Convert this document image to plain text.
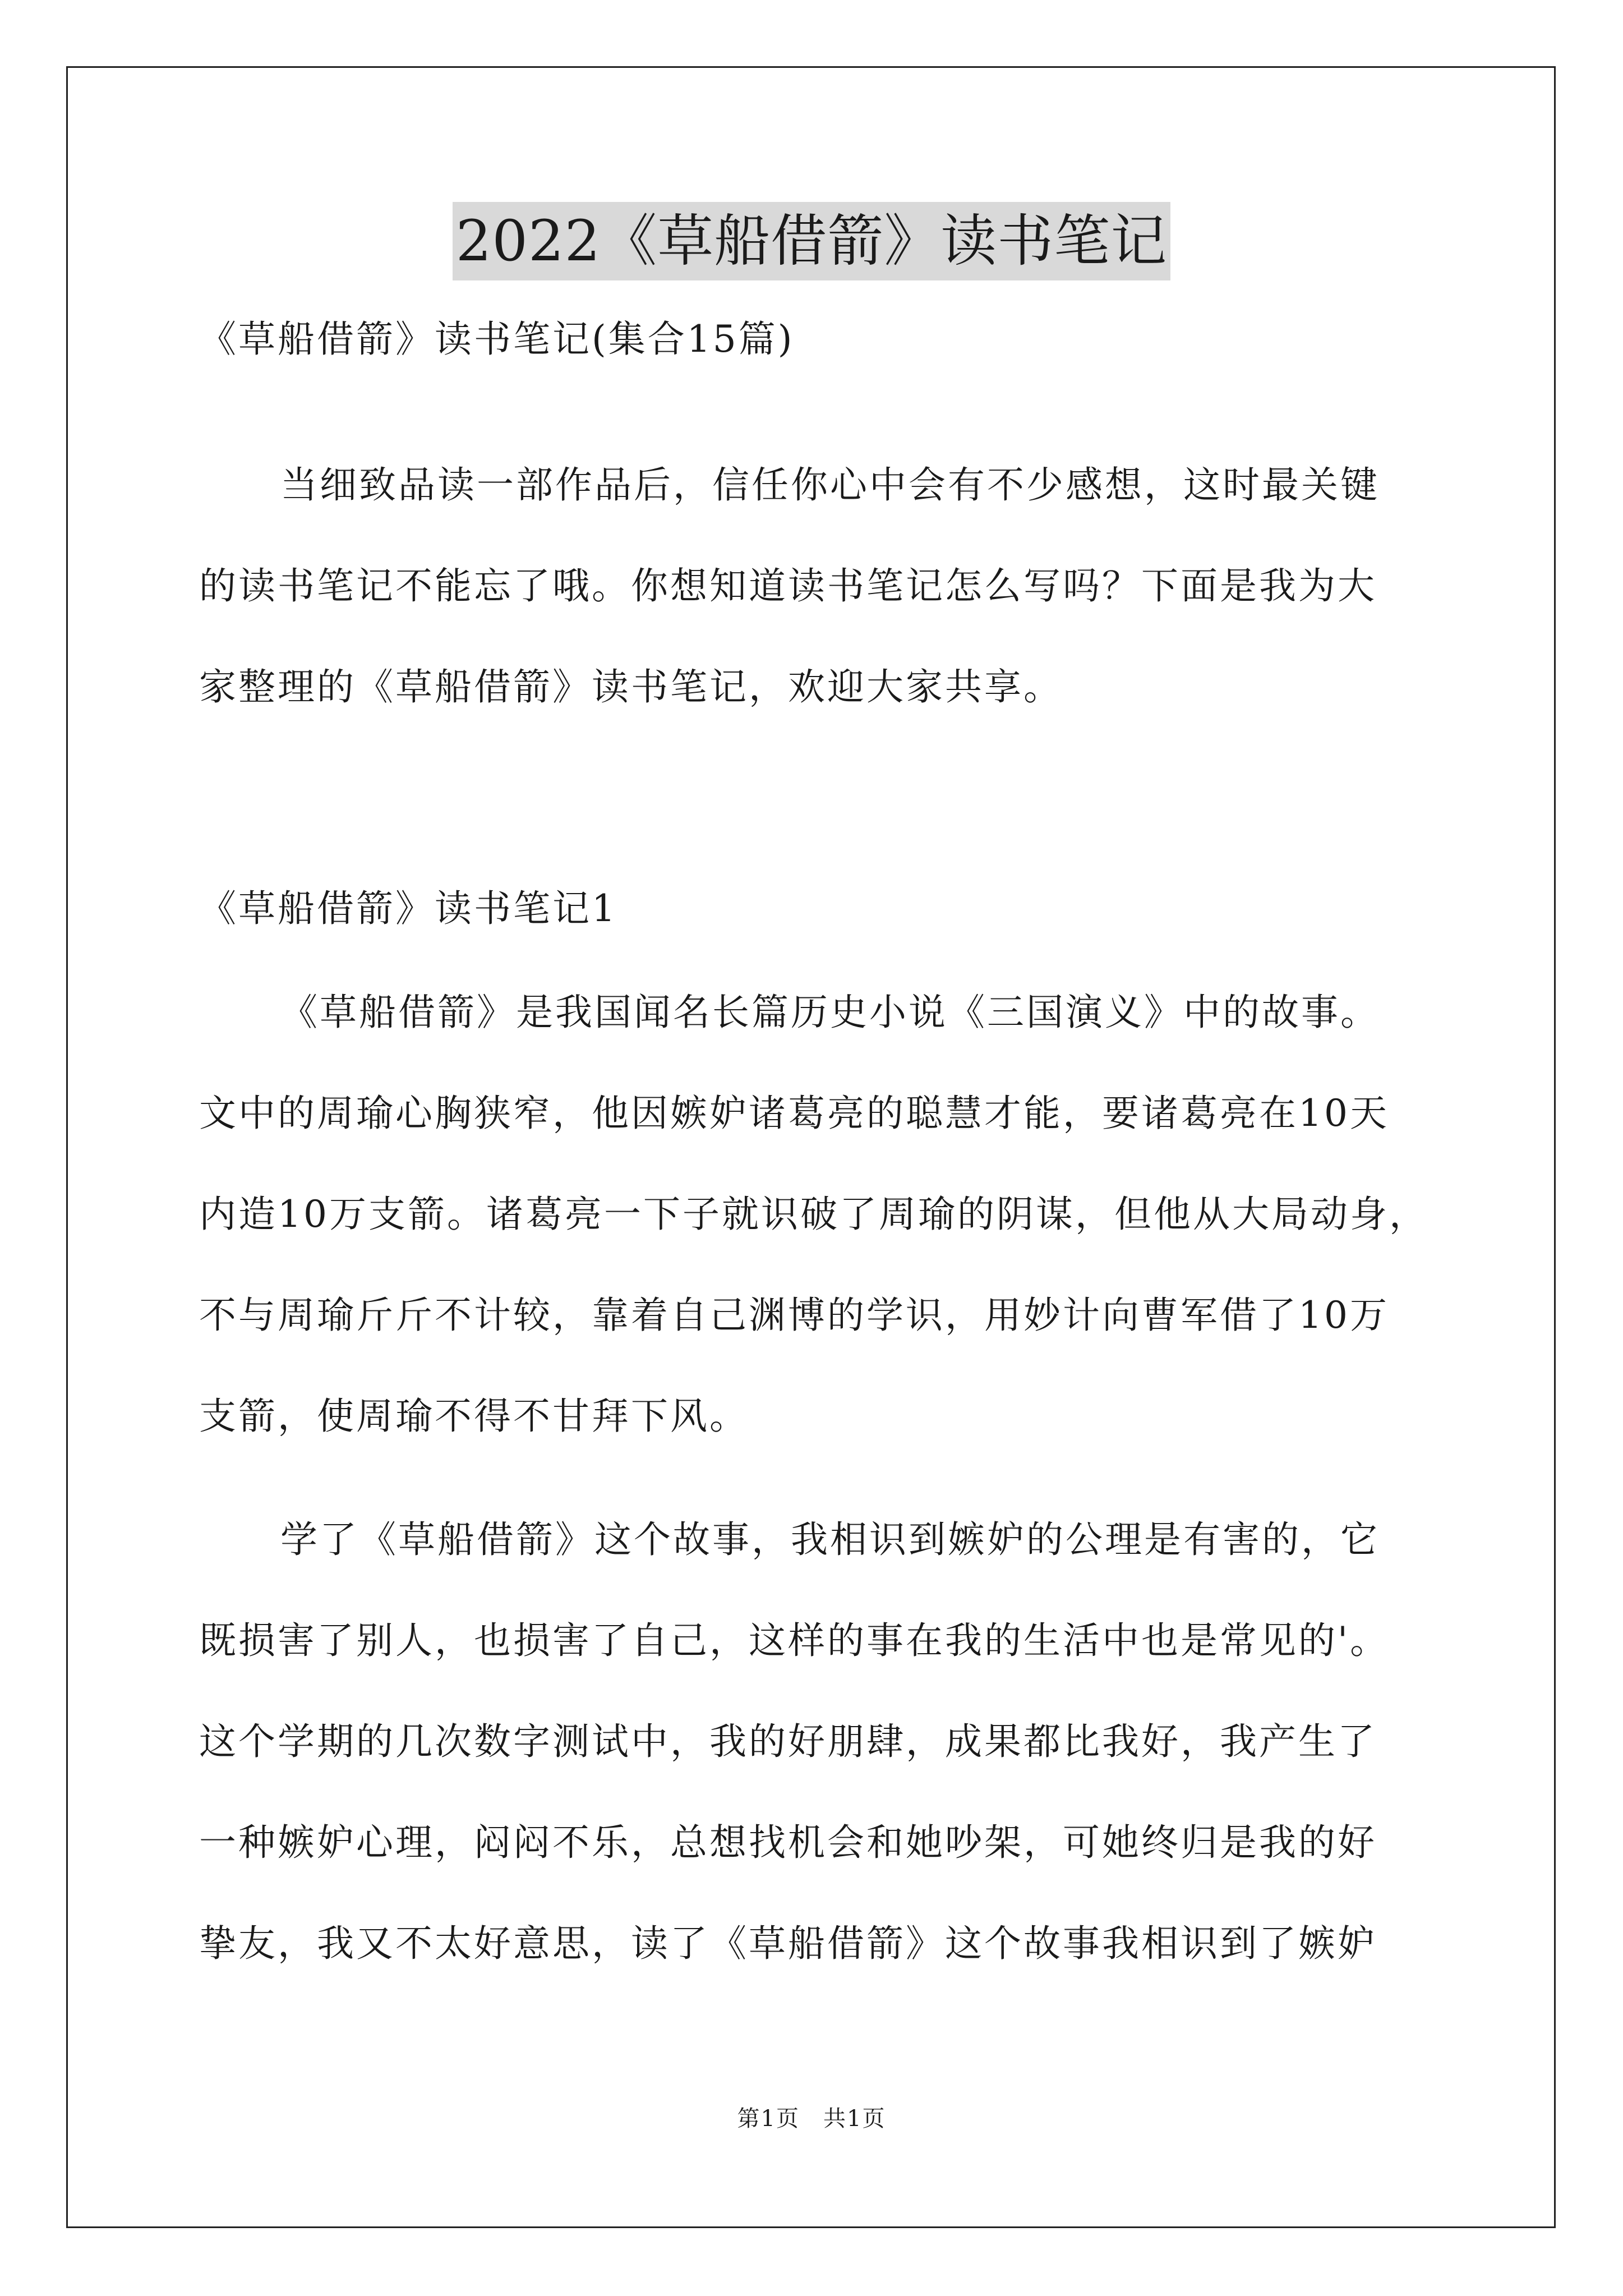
2022《草船借箭》读书笔记
《草船借箭》读书笔记(集合15篇)
当细致品读一部作品后，信任你心中会有不少感想，这时最关键
的读书笔记不能忘了哦。你想知道读书笔记怎么写吗？下面是我为大
家整理的《草船借箭》读书笔记，欢迎大家共享。
《草船借箭》读书笔记1
《草船借箭》是我国闻名长篇历史小说《三国演义》中的故事。
文中的周瑜心胸狭窄，他因嫉妒诸葛亮的聪慧才能，要诸葛亮在10天
内造10万支箭。诸葛亮一下子就识破了周瑜的阴谋，但他从大局动身，
不与周瑜斤斤不计较，靠着自己渊博的学识，用妙计向曹军借了10万
支箭，使周瑜不得不甘拜下风。
学了《草船借箭》这个故事，我相识到嫉妒的公理是有害的，它
既损害了别人，也损害了自己，这样的事在我的生活中也是常见的'。
这个学期的几次数字测试中，我的好朋肆，成果都比我好，我产生了
一种嫉妒心理，闷闷不乐，总想找机会和她吵架，可她终归是我的好
挚友，我又不太好意思，读了《草船借箭》这个故事我相识到了嫉妒
第1页　共1页
